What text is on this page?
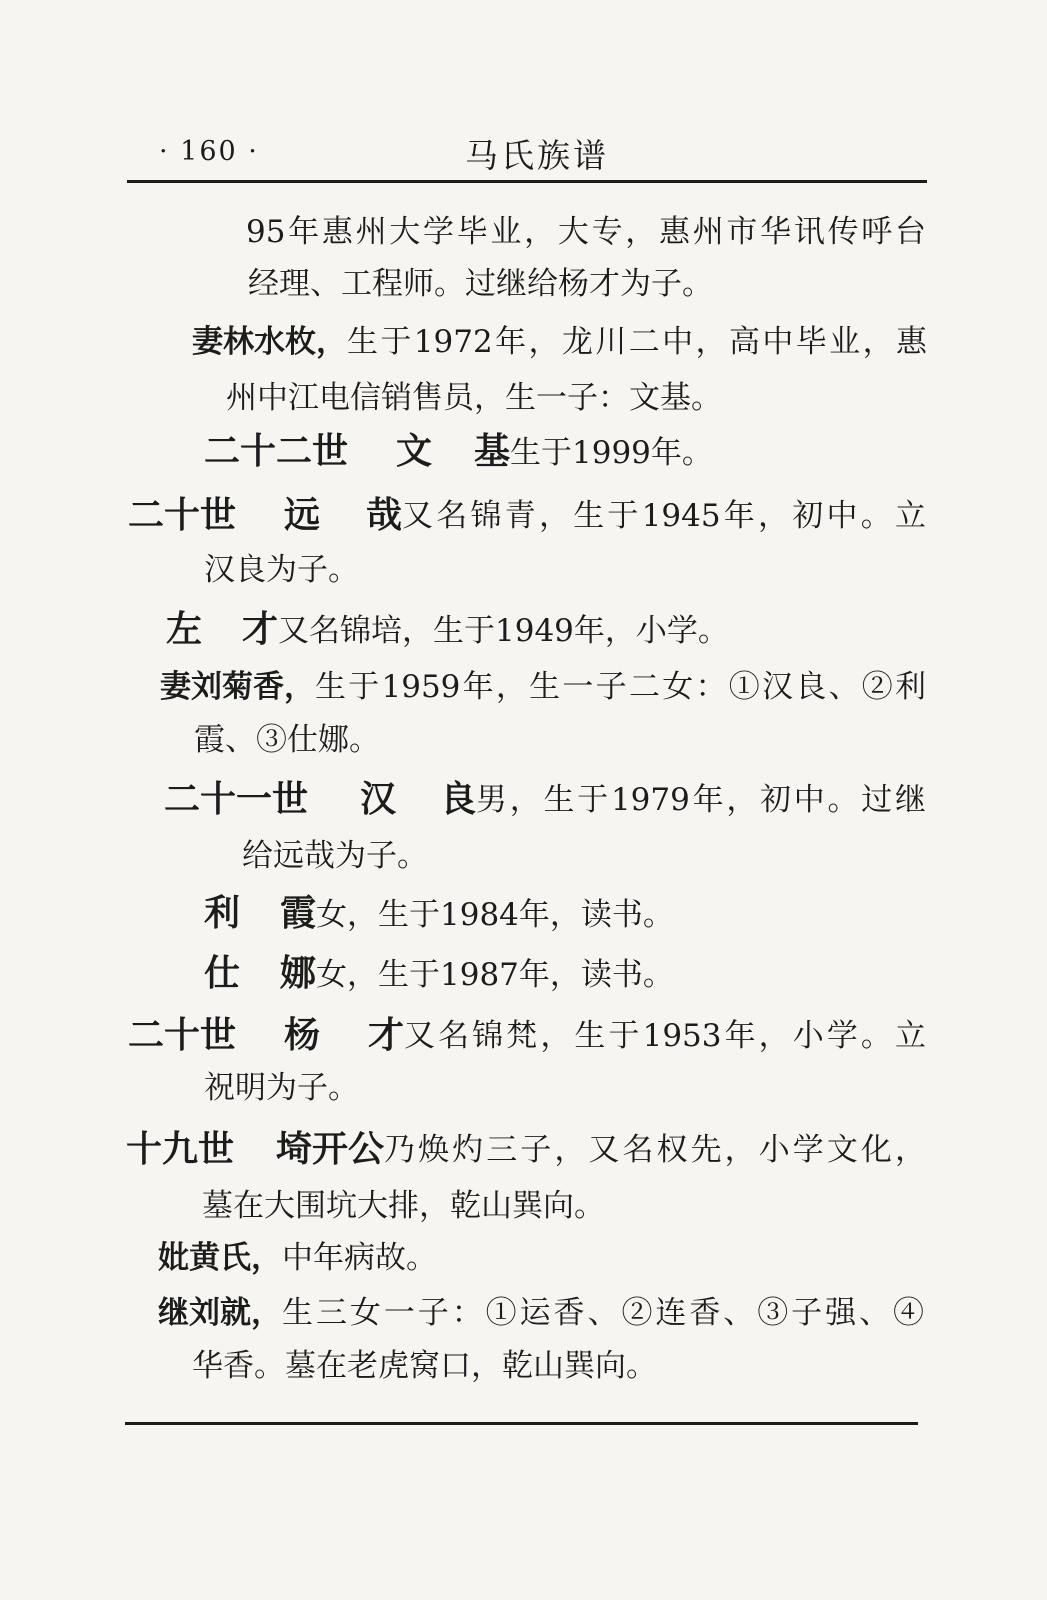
· 160 ·	马氏族谱
95年惠州大学毕业，大专，惠州市华讯传呼台
经理、工程师。过继给杨才为子。
妻林水枚， 生于1972年，龙川二中，高中毕业，惠
州中江电信销售员，生一子：文基。
二十二世 文 基生于1999年。
二十世	远	哉 又名锦青，生于1945年，初中。立
汉良为子。
左 才又名锦培，生于1949年，小学。
妻刘菊香， 生于1959年，生一子二女：①汉良、②利
霞、③仕娜。
二十一世	汉	良 男，生于1979年，初中。过继
给远哉为子。
利 霞女，生于1984年，读书。
仕 娜女，生于1987年，读书。
二十世	杨	才 又名锦梵，生于1953年，小学。立
祝明为子。
十九世	埼开公 乃焕灼三子，又名权先，小学文化，
墓在大围坑大排，乾山巽向。
妣黄氏，中年病故。
继刘就， 生三女一子：①运香、②连香、③子强、④
华香。墓在老虎窝口，乾山巽向。
